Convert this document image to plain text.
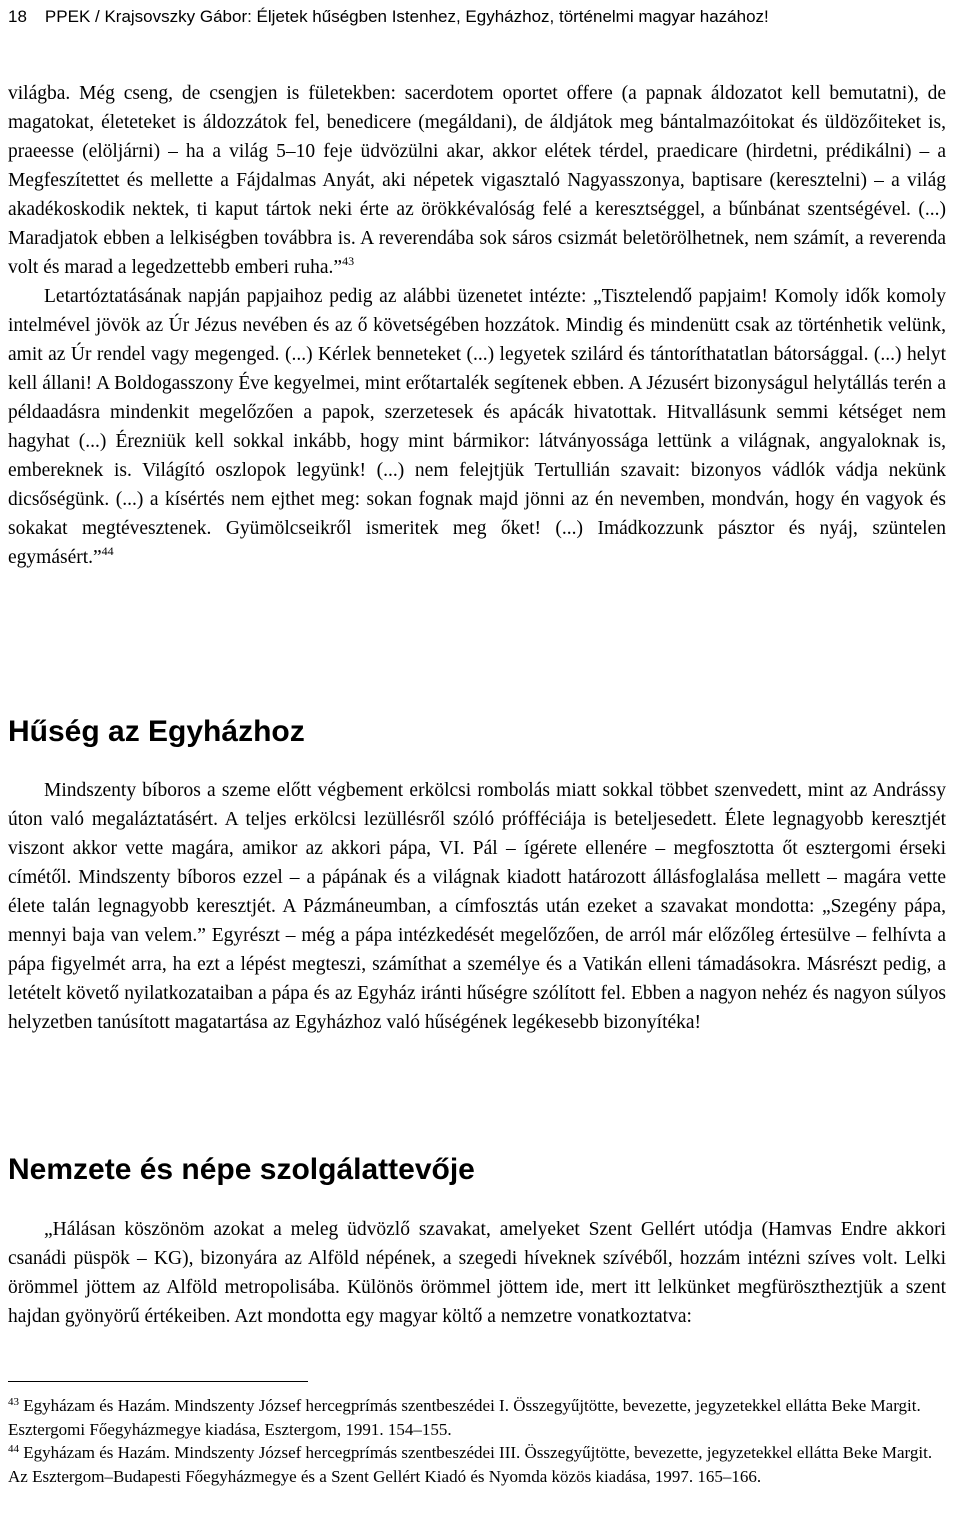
18 PPEK / Krajsovszky Gábor: Éljetek hűségben Istenhez, Egyházhoz, történelmi magyar hazához!

világba. Még cseng, de csengjen is fületekben: sacerdotem oportet offere (a papnak áldozatot kell bemutatni), de magatokat, életeteket is áldozzátok fel, benedicere (megáldani), de áldjátok meg bántalmazóitokat és üldözőiteket is, praeesse (elöljárni) – ha a világ 5–10 feje üdvözülni akar, akkor elétek térdel, praedicare (hirdetni, prédikálni) – a Megfeszítettet és mellette a Fájdalmas Anyát, aki népetek vigasztaló Nagyasszonya, baptisare (keresztelni) – a világ akadékoskodik nektek, ti kaput tártok neki érte az örökkévalóság felé a keresztséggel, a bűnbánat szentségével. (...) Maradjatok ebben a lelkiségben továbbra is. A reverendába sok sáros csizmát beletörölhetnek, nem számít, a reverenda volt és marad a legedzettebb emberi ruha.”$^{43}$

Letartóztatásának napján papjaihoz pedig az alábbi üzenetet intézte: „Tisztelendő papjaim! Komoly idők komoly intelmével jövök az Úr Jézus nevében és az ő követségében hozzátok. Mindig és mindenütt csak az történhetik velünk, amit az Úr rendel vagy megenged. (...) Kérlek benneteket (...) legyetek szilárd és tántoríthatatlan bátorsággal. (...) helyt kell állani! A Boldogasszony Éve kegyelmei, mint erőtartalék segítenek ebben. A Jézusért bizonyságul helytállás terén a példaadásra mindenkit megelőzően a papok, szerzetesek és apácák hivatottak. Hitvallásunk semmi kétséget nem hagyhat (...) Érezniük kell sokkal inkább, hogy mint bármikor: látványossága lettünk a világnak, angyaloknak is, embereknek is. Világító oszlopok legyünk! (...) nem felejtjük Tertullián szavait: bizonyos vádlók vádja nekünk dicsőségünk. (...) a kísértés nem ejthet meg: sokan fognak majd jönni az én nevemben, mondván, hogy én vagyok és sokakat megtévesztenek. Gyümölcseikről ismeritek meg őket! (...) Imádkozzunk pásztor és nyáj, szüntelen egymásért.”$^{44}$

Hűség az Egyházhoz

Mindszenty bíboros a szeme előtt végbement erkölcsi rombolás miatt sokkal többet szenvedett, mint az Andrássy úton való megaláztatásért. A teljes erkölcsi lezüllésről szóló prófféciája is beteljesedett. Élete legnagyobb keresztjét viszont akkor vette magára, amikor az akkori pápa, VI. Pál – ígérete ellenére – megfosztotta őt esztergomi érseki címétől. Mindszenty bíboros ezzel – a pápának és a világnak kiadott határozott állásfoglalása mellett – magára vette élete talán legnagyobb keresztjét. A Pázmáneumban, a címfosztás után ezeket a szavakat mondotta: „Szegény pápa, mennyi baja van velem.” Egyrészt – még a pápa intézkedését megelőzően, de arról már előzőleg értesülve – felhívta a pápa figyelmét arra, ha ezt a lépést megteszi, számíthat a személye és a Vatikán elleni támadásokra. Másrészt pedig, a letételt követő nyilatkozataiban a pápa és az Egyház iránti hűségre szólított fel. Ebben a nagyon nehéz és nagyon súlyos helyzetben tanúsított magatartása az Egyházhoz való hűségének legékesebb bizonyítéka!

Nemzete és népe szolgálattevője

„Hálásan köszönöm azokat a meleg üdvözlő szavakat, amelyeket Szent Gellért utódja (Hamvas Endre akkori csanádi püspök – KG), bizonyára az Alföld népének, a szegedi híveknek szívéből, hozzám intézni szíves volt. Lelki örömmel jöttem az Alföld metropolisába. Különös örömmel jöttem ide, mert itt lelkünket megfürösztheztjük a szent hajdan gyönyörű értékeiben. Azt mondotta egy magyar költő a nemzetre vonatkoztatva:

$^{43}$ Egyházam és Hazám. Mindszenty József hercegprímás szentbeszédei I. Összegyűjtötte, bevezette, jegyzetekkel ellátta Beke Margit. Esztergomi Főegyházmegye kiadása, Esztergom, 1991. 154–155.

$^{44}$ Egyházam és Hazám. Mindszenty József hercegprímás szentbeszédei III. Összegyűjtötte, bevezette, jegyzetekkel ellátta Beke Margit. Az Esztergom–Budapesti Főegyházmegye és a Szent Gellért Kiadó és Nyomda közös kiadása, 1997. 165–166.
